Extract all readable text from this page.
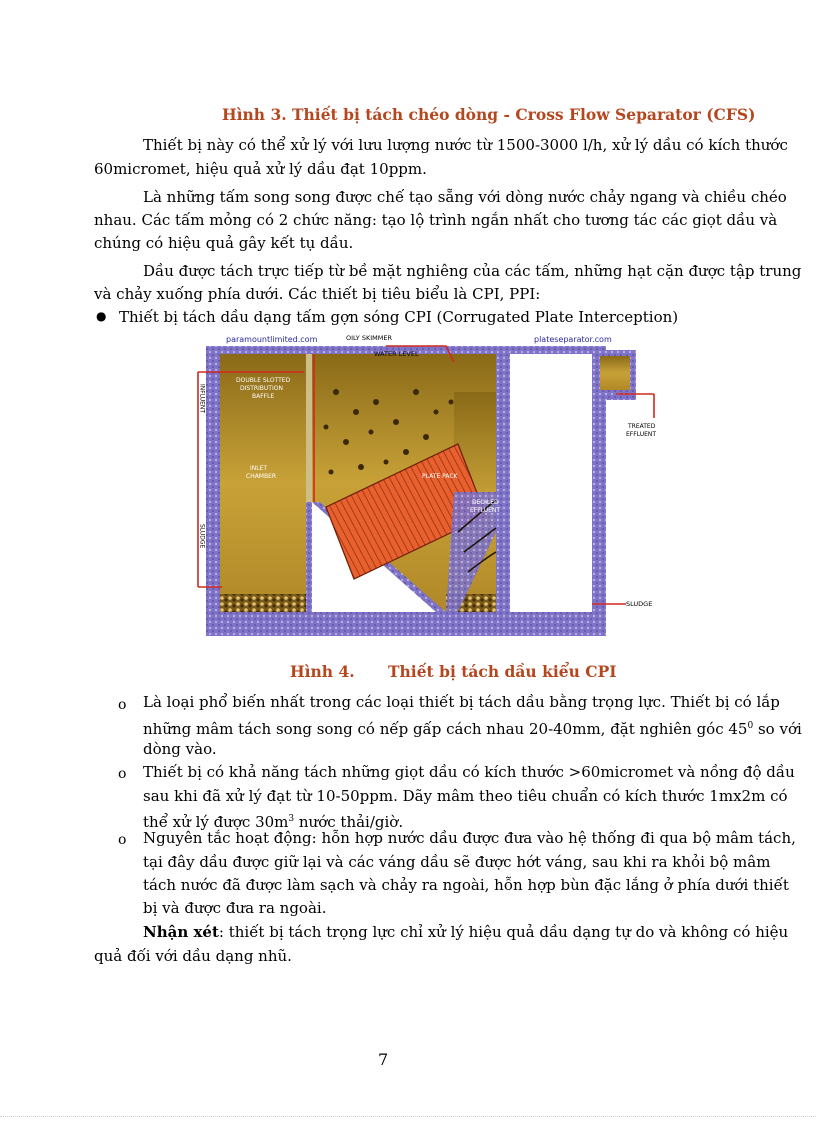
Hình 3. Thiết bị tách chéo dòng - Cross Flow Separator (CFS)
Thiết bị này có thể xử lý với lưu lượng nước từ 1500-3000 l/h, xử lý dầu có kích thước
60micromet, hiệu quả xử lý dầu đạt 10ppm.
Là những tấm song song được chế tạo sẵng với dòng nước chảy ngang và chiều chéo
nhau. Các tấm mỏng có 2 chức năng: tạo lộ trình ngắn nhất cho tương tác các giọt dầu và
chúng có hiệu quả gây kết tụ dầu.
Dầu được tách trực tiếp từ bề mặt nghiêng của các tấm, những hạt cặn được tập trung
và chảy xuống phía dưới. Các thiết bị tiêu biểu là CPI, PPI:
● Thiết bị tách dầu dạng tấm gợn sóng CPI (Corrugated Plate Interception)
paramountlimited.com	plateseparator.com
OILY SKIMMER
WATER LEVEL
DOUBLE SLOTTED
DISTRIBUTION
BAFFLE
INLET
CHAMBER	PLATE PACK
DEOILED
EFFLUENT
TREATED
EFFLUENT
SLUDGE
INFLUENT
SLUDGE
Hình 4. Thiết bị tách dầu kiểu CPI
o Là loại phổ biến nhất trong các loại thiết bị tách dầu bằng trọng lực. Thiết bị có lắp
những mâm tách song song có nếp gấp cách nhau 20-40mm, đặt nghiên góc $45^0$ so với
dòng vào.
o Thiết bị có khả năng tách những giọt dầu có kích thước >60micromet và nồng độ dầu
sau khi đã xử lý đạt từ 10-50ppm. Dãy mâm theo tiêu chuẩn có kích thước 1mx2m có
thể xử lý được $30m^3$ nước thải/giờ.
o Nguyên tắc hoạt động: hỗn hợp nước dầu được đưa vào hệ thống đi qua bộ mâm tách,
tại đây dầu được giữ lại và các váng dầu sẽ được hớt váng, sau khi ra khỏi bộ mâm
tách nước đã được làm sạch và chảy ra ngoài, hỗn hợp bùn đặc lắng ở phía dưới thiết
bị và được đưa ra ngoài.
Nhận xét: thiết bị tách trọng lực chỉ xử lý hiệu quả dầu dạng tự do và không có hiệu
quả đối với dầu dạng nhũ.
7
